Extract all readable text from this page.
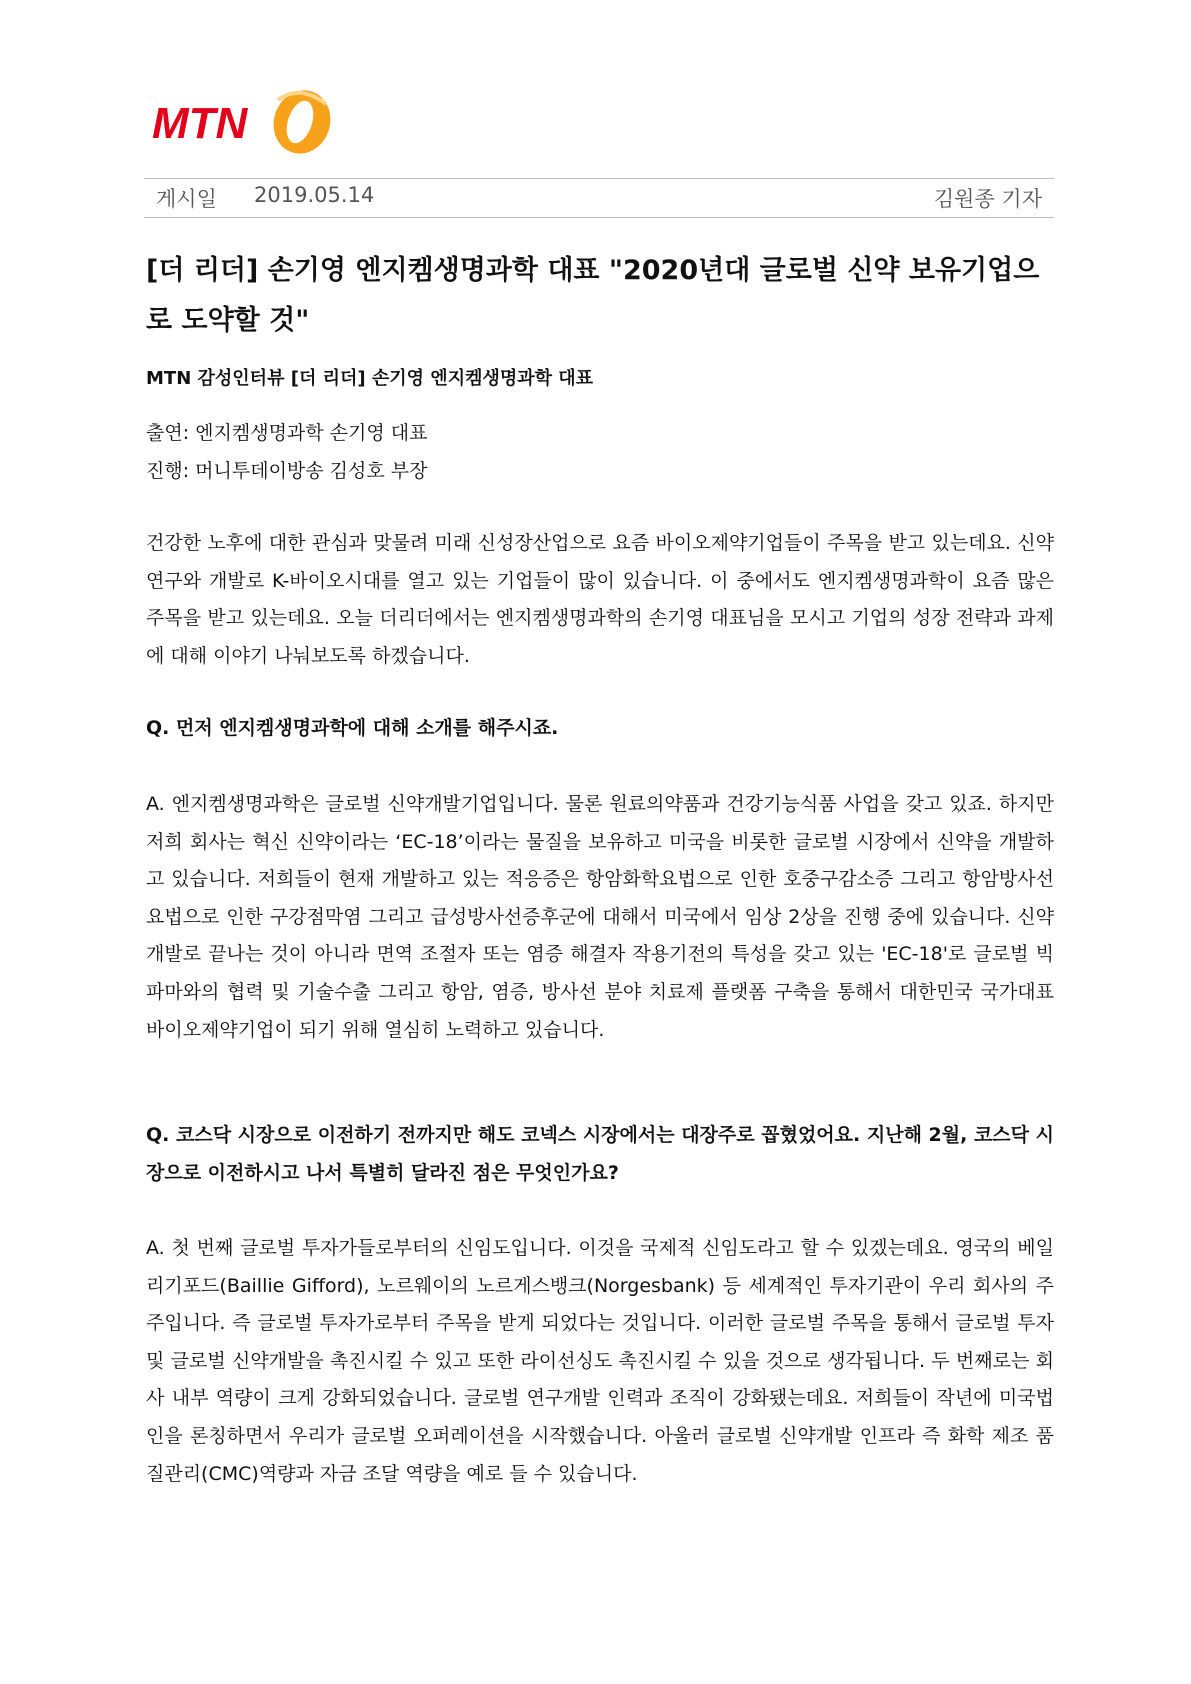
MTN
게시일 2019.05.14	김원종 기자
[더 리더] 손기영 엔지켐생명과학 대표 "2020년대 글로벌 신약 보유기업으로 도약할 것"

MTN 감성인터뷰 [더 리더] 손기영 엔지켐생명과학 대표

출연: 엔지켐생명과학 손기영 대표
진행: 머니투데이방송 김성호 부장

건강한 노후에 대한 관심과 맞물려 미래 신성장산업으로 요즘 바이오제약기업들이 주목을 받고 있는데요. 신약연구와 개발로 K-바이오시대를 열고 있는 기업들이 많이 있습니다. 이 중에서도 엔지켐생명과학이 요즘 많은 주목을 받고 있는데요. 오늘 더리더에서는 엔지켐생명과학의 손기영 대표님을 모시고 기업의 성장 전략과 과제에 대해 이야기 나눠보도록 하겠습니다.

Q. 먼저 엔지켐생명과학에 대해 소개를 해주시죠.

A. 엔지켐생명과학은 글로벌 신약개발기업입니다. 물론 원료의약품과 건강기능식품 사업을 갖고 있죠. 하지만 저희 회사는 혁신 신약이라는 ‘EC-18’이라는 물질을 보유하고 미국을 비롯한 글로벌 시장에서 신약을 개발하고 있습니다. 저희들이 현재 개발하고 있는 적응증은 항암화학요법으로 인한 호중구감소증 그리고 항암방사선요법으로 인한 구강점막염 그리고 급성방사선증후군에 대해서 미국에서 임상 2상을 진행 중에 있습니다. 신약개발로 끝나는 것이 아니라 면역 조절자 또는 염증 해결자 작용기전의 특성을 갖고 있는 'EC-18'로 글로벌 빅파마와의 협력 및 기술수출 그리고 항암, 염증, 방사선 분야 치료제 플랫폼 구축을 통해서 대한민국 국가대표 바이오제약기업이 되기 위해 열심히 노력하고 있습니다.

Q. 코스닥 시장으로 이전하기 전까지만 해도 코넥스 시장에서는 대장주로 꼽혔었어요. 지난해 2월, 코스닥 시장으로 이전하시고 나서 특별히 달라진 점은 무엇인가요?

A. 첫 번째 글로벌 투자가들로부터의 신임도입니다. 이것을 국제적 신임도라고 할 수 있겠는데요. 영국의 베일리기포드(Baillie Gifford), 노르웨이의 노르게스뱅크(Norgesbank) 등 세계적인 투자기관이 우리 회사의 주주입니다. 즉 글로벌 투자가로부터 주목을 받게 되었다는 것입니다. 이러한 글로벌 주목을 통해서 글로벌 투자 및 글로벌 신약개발을 촉진시킬 수 있고 또한 라이선싱도 촉진시킬 수 있을 것으로 생각됩니다. 두 번째로는 회사 내부 역량이 크게 강화되었습니다. 글로벌 연구개발 인력과 조직이 강화됐는데요. 저희들이 작년에 미국법인을 론칭하면서 우리가 글로벌 오퍼레이션을 시작했습니다. 아울러 글로벌 신약개발 인프라 즉 화학 제조 품질관리(CMC)역량과 자금 조달 역량을 예로 들 수 있습니다.
